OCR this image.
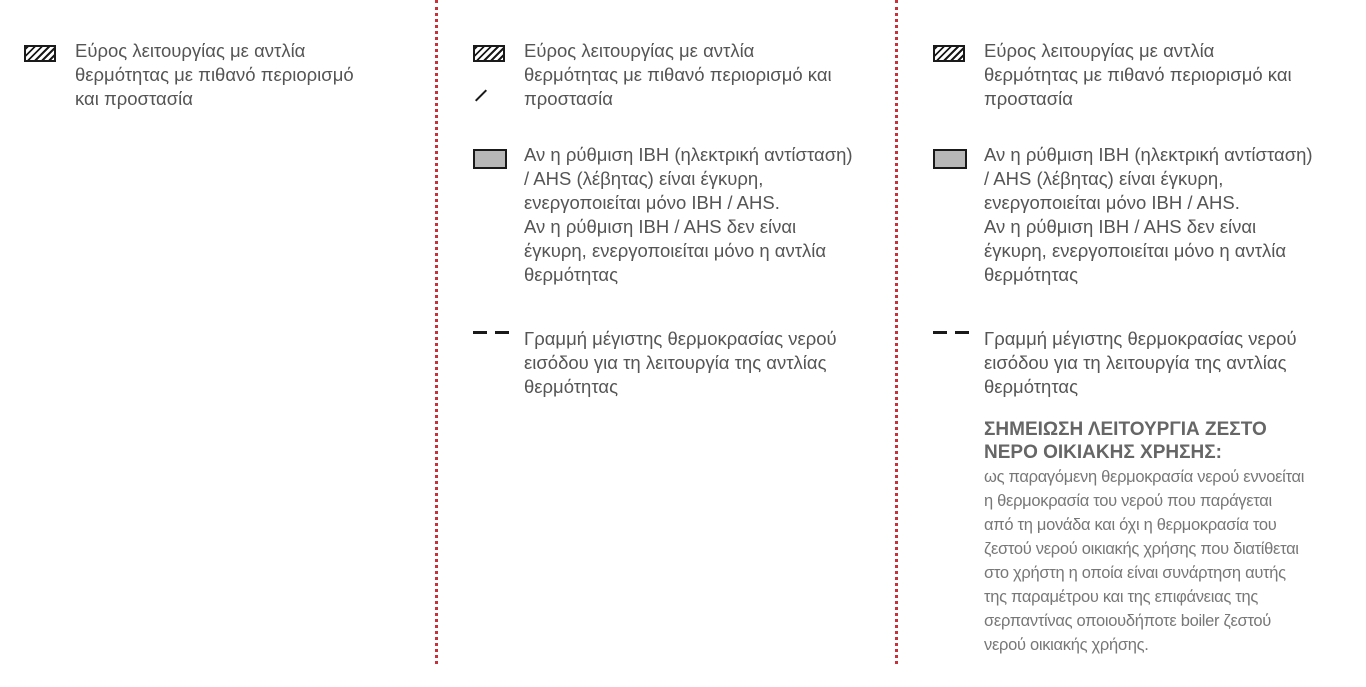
Εύρος λειτουργίας με αντλία
θερμότητας με πιθανό περιορισμό
και προστασία
Εύρος λειτουργίας με αντλία
θερμότητας με πιθανό περιορισμό και
προστασία
Αν η ρύθμιση IBH (ηλεκτρική αντίσταση)
/ AHS (λέβητας) είναι έγκυρη,
ενεργοποιείται μόνο IBH / AHS.
Αν η ρύθμιση IBH / AHS δεν είναι
έγκυρη, ενεργοποιείται μόνο η αντλία
θερμότητας
Γραμμή μέγιστης θερμοκρασίας νερού
εισόδου για τη λειτουργία της αντλίας
θερμότητας
Εύρος λειτουργίας με αντλία
θερμότητας με πιθανό περιορισμό και
προστασία
Αν η ρύθμιση IBH (ηλεκτρική αντίσταση)
/ AHS (λέβητας) είναι έγκυρη,
ενεργοποιείται μόνο IBH / AHS.
Αν η ρύθμιση IBH / AHS δεν είναι
έγκυρη, ενεργοποιείται μόνο η αντλία
θερμότητας
Γραμμή μέγιστης θερμοκρασίας νερού
εισόδου για τη λειτουργία της αντλίας
θερμότητας
ΣΗΜΕΙΩΣΗ ΛΕΙΤΟΥΡΓΙΑ ΖΕΣΤΟ
ΝΕΡΟ ΟΙΚΙΑΚΗΣ ΧΡΗΣΗΣ:
ως παραγόμενη θερμοκρασία νερού εννοείται
η θερμοκρασία του νερού που παράγεται
από τη μονάδα και όχι η θερμοκρασία του
ζεστού νερού οικιακής χρήσης που διατίθεται
στο χρήστη η οποία είναι συνάρτηση αυτής
της παραμέτρου και της επιφάνειας της
σερπαντίνας οποιουδήποτε boiler ζεστού
νερού οικιακής χρήσης.
